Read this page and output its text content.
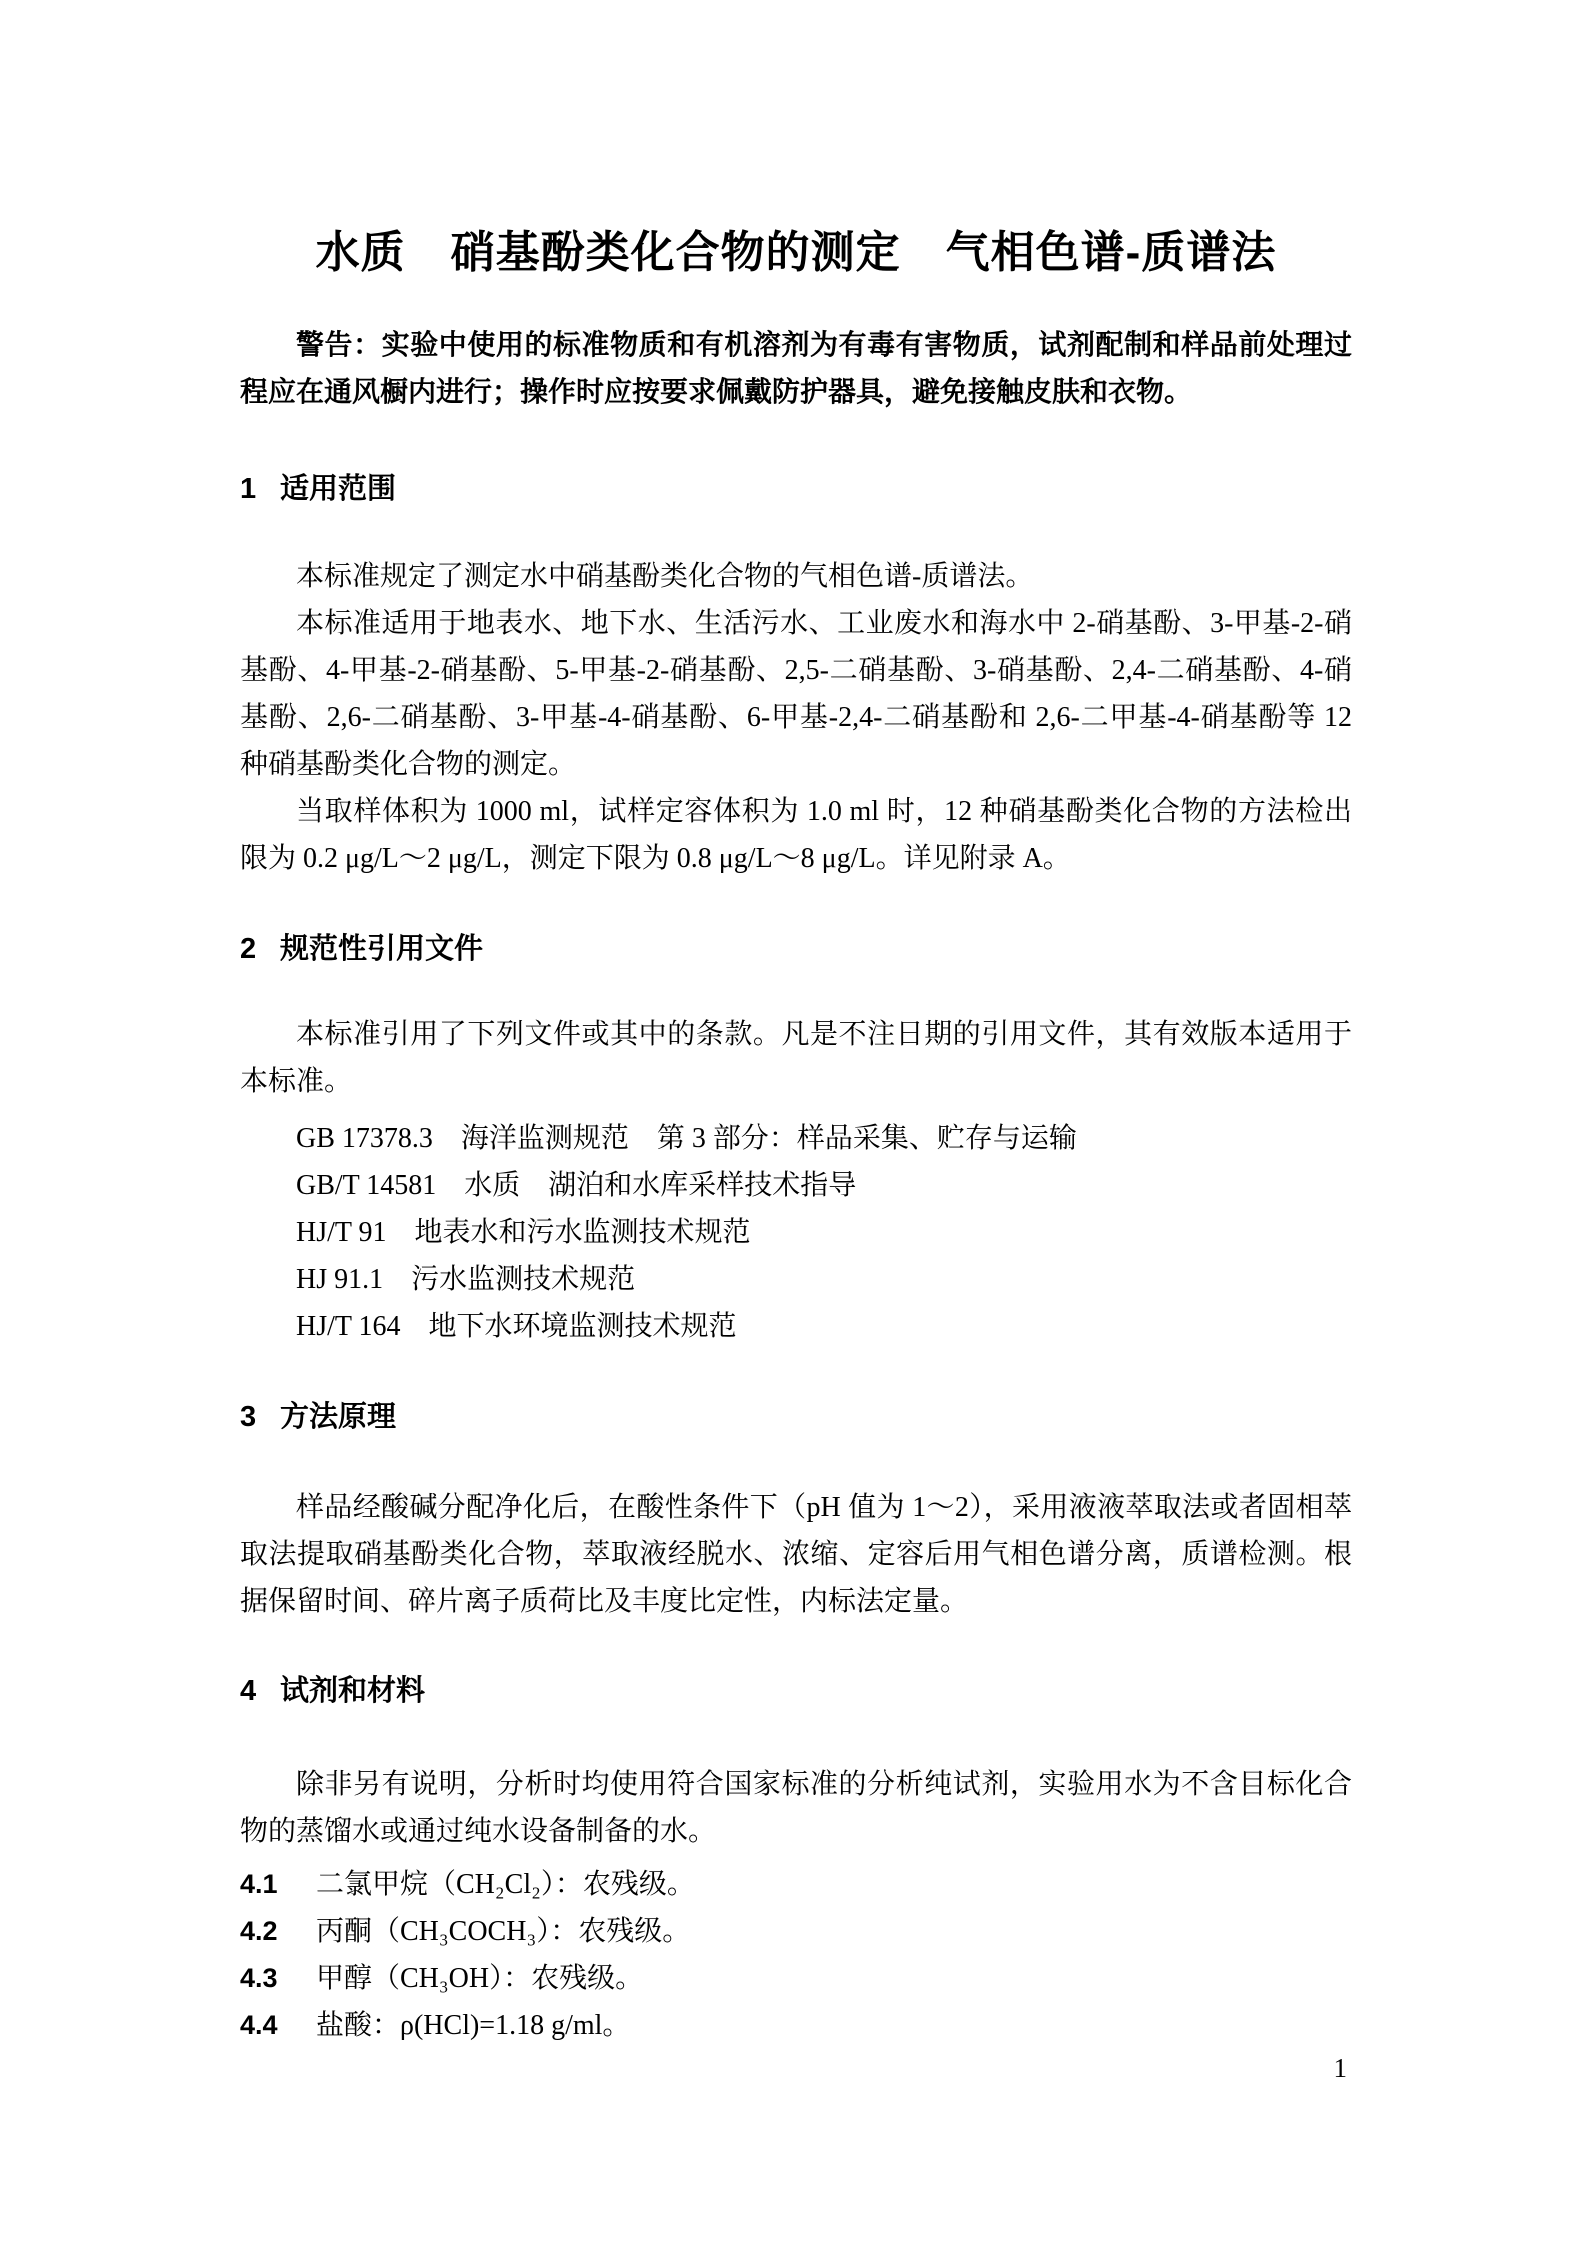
水质　硝基酚类化合物的测定　气相色谱-质谱法

警告：实验中使用的标准物质和有机溶剂为有毒有害物质，试剂配制和样品前处理过程应在通风橱内进行；操作时应按要求佩戴防护器具，避免接触皮肤和衣物。

1 适用范围

本标准规定了测定水中硝基酚类化合物的气相色谱-质谱法。

本标准适用于地表水、地下水、生活污水、工业废水和海水中 2-硝基酚、3-甲基-2-硝基酚、4-甲基-2-硝基酚、5-甲基-2-硝基酚、2,5-二硝基酚、3-硝基酚、2,4-二硝基酚、4-硝基酚、2,6-二硝基酚、3-甲基-4-硝基酚、6-甲基-2,4-二硝基酚和 2,6-二甲基-4-硝基酚等 12 种硝基酚类化合物的测定。

当取样体积为 1000 ml，试样定容体积为 1.0 ml 时，12 种硝基酚类化合物的方法检出限为 0.2 μg/L～2 μg/L，测定下限为 0.8 μg/L～8 μg/L。详见附录 A。

2 规范性引用文件

本标准引用了下列文件或其中的条款。凡是不注日期的引用文件，其有效版本适用于本标准。

GB 17378.3 海洋监测规范　第 3 部分：样品采集、贮存与运输
GB/T 14581 水质　湖泊和水库采样技术指导
HJ/T 91 地表水和污水监测技术规范
HJ 91.1 污水监测技术规范
HJ/T 164 地下水环境监测技术规范
3 方法原理

样品经酸碱分配净化后，在酸性条件下（pH 值为 1～2），采用液液萃取法或者固相萃取法提取硝基酚类化合物，萃取液经脱水、浓缩、定容后用气相色谱分离，质谱检测。根据保留时间、碎片离子质荷比及丰度比定性，内标法定量。

4 试剂和材料

除非另有说明，分析时均使用符合国家标准的分析纯试剂，实验用水为不含目标化合物的蒸馏水或通过纯水设备制备的水。

4.1 二氯甲烷（CH₂Cl₂）：农残级。
4.2 丙酮（CH₃COCH₃）：农残级。
4.3 甲醇（CH₃OH）：农残级。
4.4 盐酸：ρ(HCl)=1.18 g/ml。
1
